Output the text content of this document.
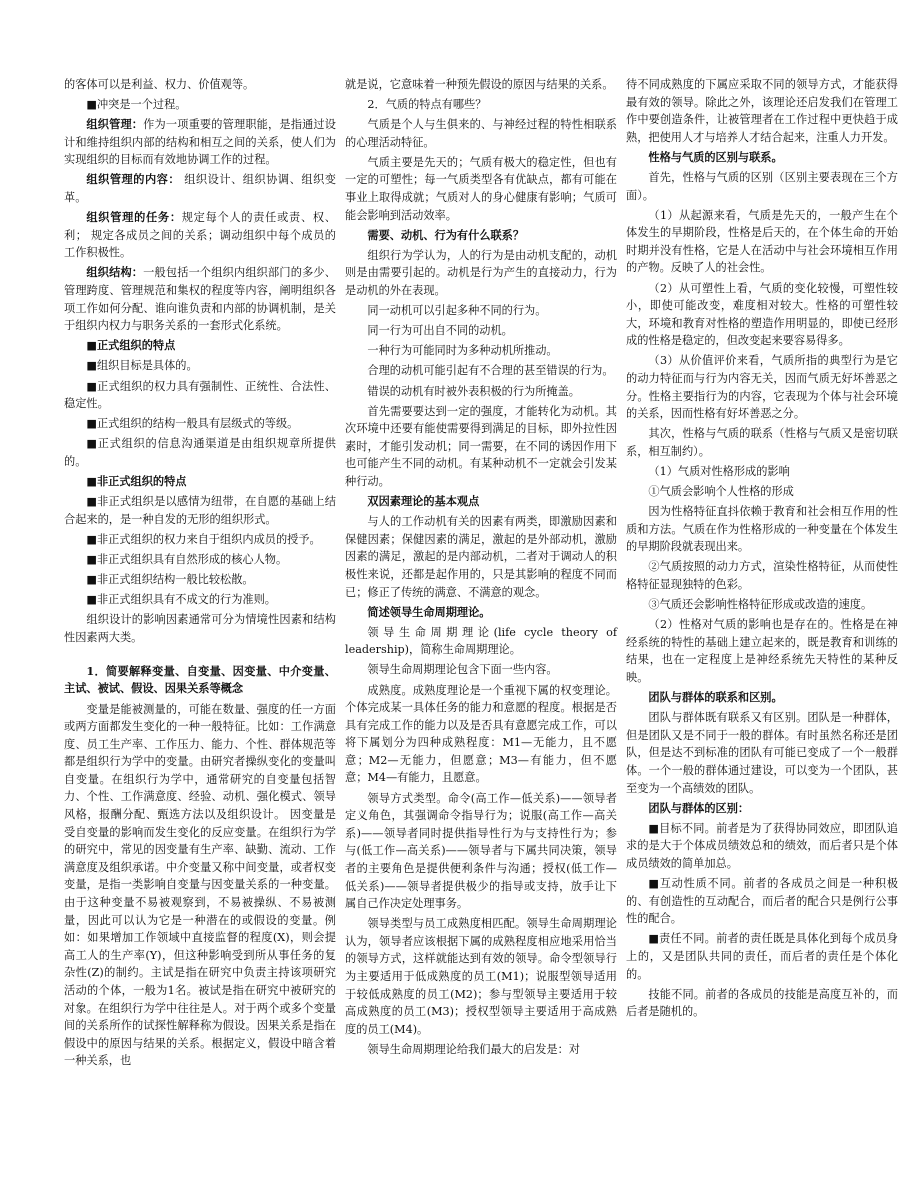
的客体可以是利益、权力、价值观等。

■冲突是一个过程。

组织管理：作为一项重要的管理职能，是指通过设计和维持组织内部的结构和相互之间的关系，使人们为实现组织的目标而有效地协调工作的过程。

组织管理的内容： 组织设计、组织协调、组织变革。

组织管理的任务：规定每个人的责任或责、权、利； 规定各成员之间的关系；调动组织中每个成员的工作积极性。

组织结构：一般包括一个组织内组织部门的多少、管理跨度、管理规范和集权的程度等内容，阐明组织各项工作如何分配、谁向谁负责和内部的协调机制，是关于组织内权力与职务关系的一套形式化系统。

■正式组织的特点

■组织目标是具体的。

■正式组织的权力具有强制性、正统性、合法性、稳定性。

■正式组织的结构一般具有层级式的等级。

■正式组织的信息沟通渠道是由组织规章所提供的。

■非正式组织的特点

■非正式组织是以感情为纽带，在自愿的基础上结合起来的，是一种自发的无形的组织形式。

■非正式组织的权力来自于组织内成员的授予。

■非正式组织具有自然形成的核心人物。

■非正式组织结构一般比较松散。

■非正式组织具有不成文的行为准则。

组织设计的影响因素通常可分为情境性因素和结构性因素两大类。

1．简要解释变量、自变量、因变量、中介变量、主试、被试、假设、因果关系等概念

变量是能被测量的，可能在数量、强度的任一方面或两方面都发生变化的一种一般特征。比如：工作满意度、员工生产率、工作压力、能力、个性、群体规范等都是组织行为学中的变量。由研究者操纵变化的变量叫自变量。在组织行为学中，通常研究的自变量包括智力、个性、工作满意度、经验、动机、强化模式、领导风格，报酬分配、甄选方法以及组织设计。 因变量是受自变量的影响而发生变化的反应变量。在组织行为学的研究中，常见的因变量有生产率、缺勤、流动、工作满意度及组织承诺。中介变量又称中间变量，或者权变变量，是指一类影响自变量与因变量关系的一种变量。由于这种变量不易被观察到，不易被操纵、不易被测量，因此可以认为它是一种潜在的或假设的变量。例如：如果增加工作领域中直接监督的程度(X)，则会提高工人的生产率(Y)，但这种影响受到所从事任务的复杂性(Z)的制约。主试是指在研究中负责主持该项研究活动的个体，一般为1名。被试是指在研究中被研究的对象。在组织行为学中往往是人。对于两个或多个变量间的关系所作的试探性解释称为假设。因果关系是指在假设中的原因与结果的关系。根据定义，假设中暗含着一种关系，也

就是说，它意味着一种预先假设的原因与结果的关系。

2．气质的特点有哪些？

气质是个人与生俱来的、与神经过程的特性相联系的心理活动特征。

气质主要是先天的；气质有极大的稳定性，但也有一定的可塑性；每一气质类型各有优缺点，都有可能在事业上取得成就；气质对人的身心健康有影响；气质可能会影响到活动效率。

需要、动机、行为有什么联系？

组织行为学认为，人的行为是由动机支配的，动机则是由需要引起的。动机是行为产生的直接动力，行为是动机的外在表现。

同一动机可以引起多种不同的行为。

同一行为可出自不同的动机。

一种行为可能同时为多种动机所推动。

合理的动机可能引起有不合理的甚至错误的行为。

错误的动机有时被外表积极的行为所掩盖。

首先需要要达到一定的强度，才能转化为动机。其次环境中还要有能使需要得到满足的目标，即外拉性因素时，才能引发动机；同一需要，在不同的诱因作用下也可能产生不同的动机。有某种动机不一定就会引发某种行动。

双因素理论的基本观点

与人的工作动机有关的因素有两类，即激励因素和保健因素；保健因素的满足，激起的是外部动机，激励因素的满足，激起的是内部动机，二者对于调动人的积极性来说，还都是起作用的，只是其影响的程度不同而已；修正了传统的满意、不满意的观念。

简述领导生命周期理论。

领导生命周期理论(life cycle theory of leadership)，简称生命周期理论。

领导生命周期理论包含下面一些内容。

成熟度。成熟度理论是一个重视下属的权变理论。个体完成某一具体任务的能力和意愿的程度。根据是否具有完成工作的能力以及是否具有意愿完成工作，可以将下属划分为四种成熟程度：M1—无能力，且不愿意；M2—无能力，但愿意；M3—有能力，但不愿意；M4—有能力，且愿意。

领导方式类型。命令(高工作—低关系)——领导者定义角色，其强调命令指导行为；说服(高工作—高关系)——领导者同时提供指导性行为与支持性行为；参与(低工作—高关系)——领导者与下属共同决策，领导者的主要角色是提供便利条件与沟通；授权(低工作—低关系)——领导者提供极少的指导或支持，放手让下属自己作决定处理事务。

领导类型与员工成熟度相匹配。领导生命周期理论认为，领导者应该根据下属的成熟程度相应地采用恰当的领导方式，这样就能达到有效的领导。命令型领导行为主要适用于低成熟度的员工(M1)；说服型领导适用于较低成熟度的员工(M2)；参与型领导主要适用于较高成熟度的员工(M3)；授权型领导主要适用于高成熟度的员工(M4)。

领导生命周期理论给我们最大的启发是：对

待不同成熟度的下属应采取不同的领导方式，才能获得最有效的领导。除此之外，该理论还启发我们在管理工作中要创造条件，让被管理者在工作过程中更快趋于成熟，把使用人才与培养人才结合起来，注重人力开发。

性格与气质的区别与联系。

首先，性格与气质的区别（区别主要表现在三个方面）。

（1）从起源来看，气质是先天的，一般产生在个体发生的早期阶段，性格是后天的，在个体生命的开始时期并没有性格，它是人在活动中与社会环境相互作用的产物。反映了人的社会性。

（2）从可塑性上看，气质的变化较慢，可塑性较小，即使可能改变，难度相对较大。性格的可塑性较大，环境和教育对性格的塑造作用明显的，即使已经形成的性格是稳定的，但改变起来要容易得多。

（3）从价值评价来看，气质所指的典型行为是它的动力特征而与行为内容无关，因而气质无好坏善恶之分。性格主要指行为的内容，它表现为个体与社会环境的关系，因而性格有好坏善恶之分。

其次，性格与气质的联系（性格与气质又是密切联系，相互制约）。

（1）气质对性格形成的影响

①气质会影响个人性格的形成

因为性格特征直抖依赖于教育和社会相互作用的性质和方法。气质在作为性格形成的一种变量在个体发生的早期阶段就表现出来。

②气质按照的动力方式，渲染性格特征，从而使性格特征显现独特的色彩。

③气质还会影响性格特征形成或改造的速度。

（2）性格对气质的影响也是存在的。性格是在神经系统的特性的基础上建立起来的，既是教育和训练的结果，也在一定程度上是神经系统先天特性的某种反映。

团队与群体的联系和区别。

团队与群体既有联系又有区别。团队是一种群体，但是团队又是不同于一般的群体。有时虽然名称还是团队，但是达不到标准的团队有可能已变成了一个一般群体。一个一般的群体通过建设，可以变为一个团队，甚至变为一个高绩效的团队。

团队与群体的区别：

■目标不同。前者是为了获得协同效应，即团队追求的是大于个体成员绩效总和的绩效，而后者只是个体成员绩效的简单加总。

■互动性质不同。前者的各成员之间是一种积极的、有创造性的互动配合，而后者的配合只是例行公事性的配合。

■责任不同。前者的责任既是具体化到每个成员身上的，又是团队共同的责任，而后者的责任是个体化的。

技能不同。前者的各成员的技能是高度互补的，而后者是随机的。
